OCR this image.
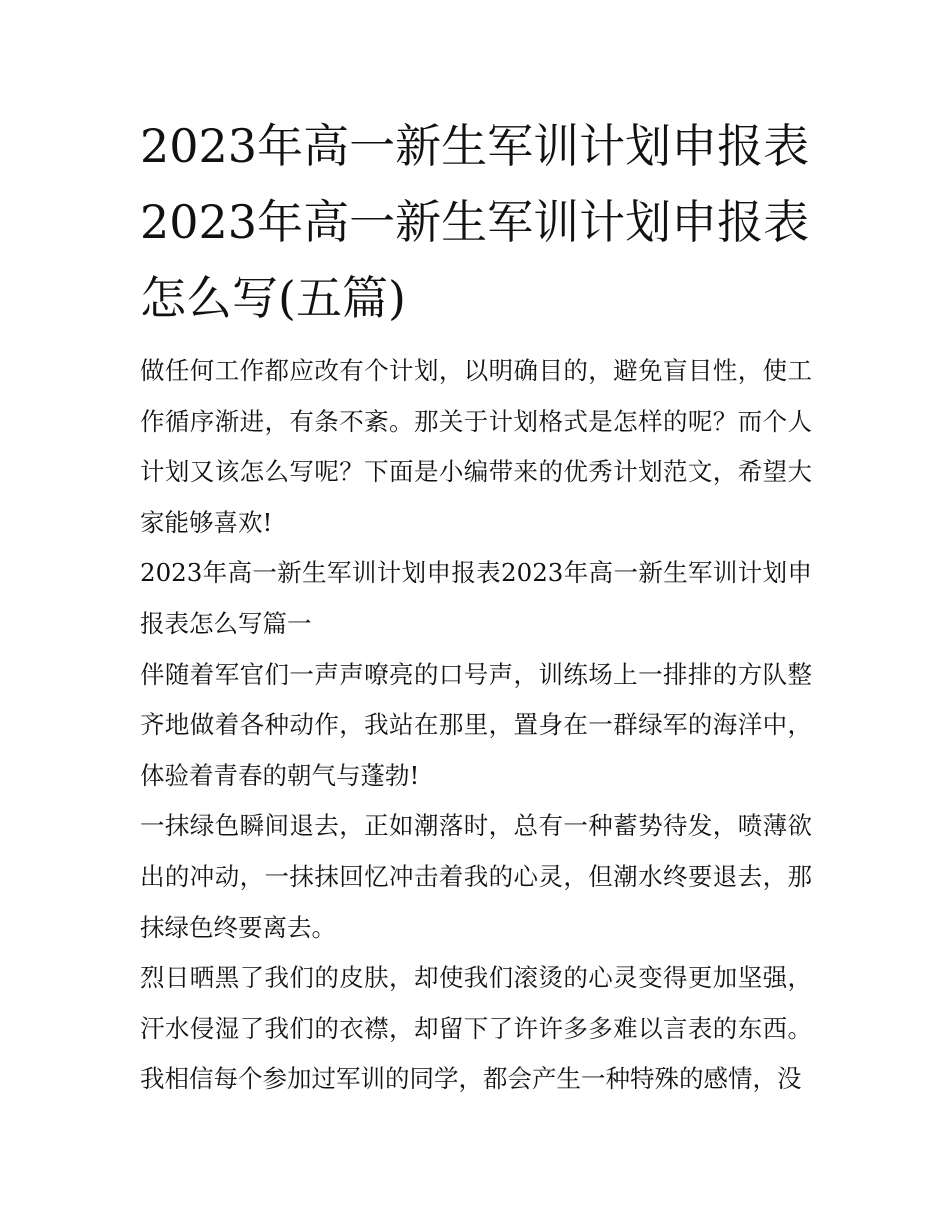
2023年高一新生军训计划申报表2023年高一新生军训计划申报表怎么写(五篇)

做任何工作都应改有个计划，以明确目的，避免盲目性，使工作循序渐进，有条不紊。那关于计划格式是怎样的呢？而个人计划又该怎么写呢？下面是小编带来的优秀计划范文，希望大家能够喜欢!

2023年高一新生军训计划申报表2023年高一新生军训计划申报表怎么写篇一

伴随着军官们一声声嘹亮的口号声，训练场上一排排的方队整齐地做着各种动作，我站在那里，置身在一群绿军的海洋中，体验着青春的朝气与蓬勃!

一抹绿色瞬间退去，正如潮落时，总有一种蓄势待发，喷薄欲出的冲动，一抹抹回忆冲击着我的心灵，但潮水终要退去，那抹绿色终要离去。

烈日晒黑了我们的皮肤，却使我们滚烫的心灵变得更加坚强，汗水侵湿了我们的衣襟，却留下了许许多多难以言表的东西。我相信每个参加过军训的同学，都会产生一种特殊的感情，没
